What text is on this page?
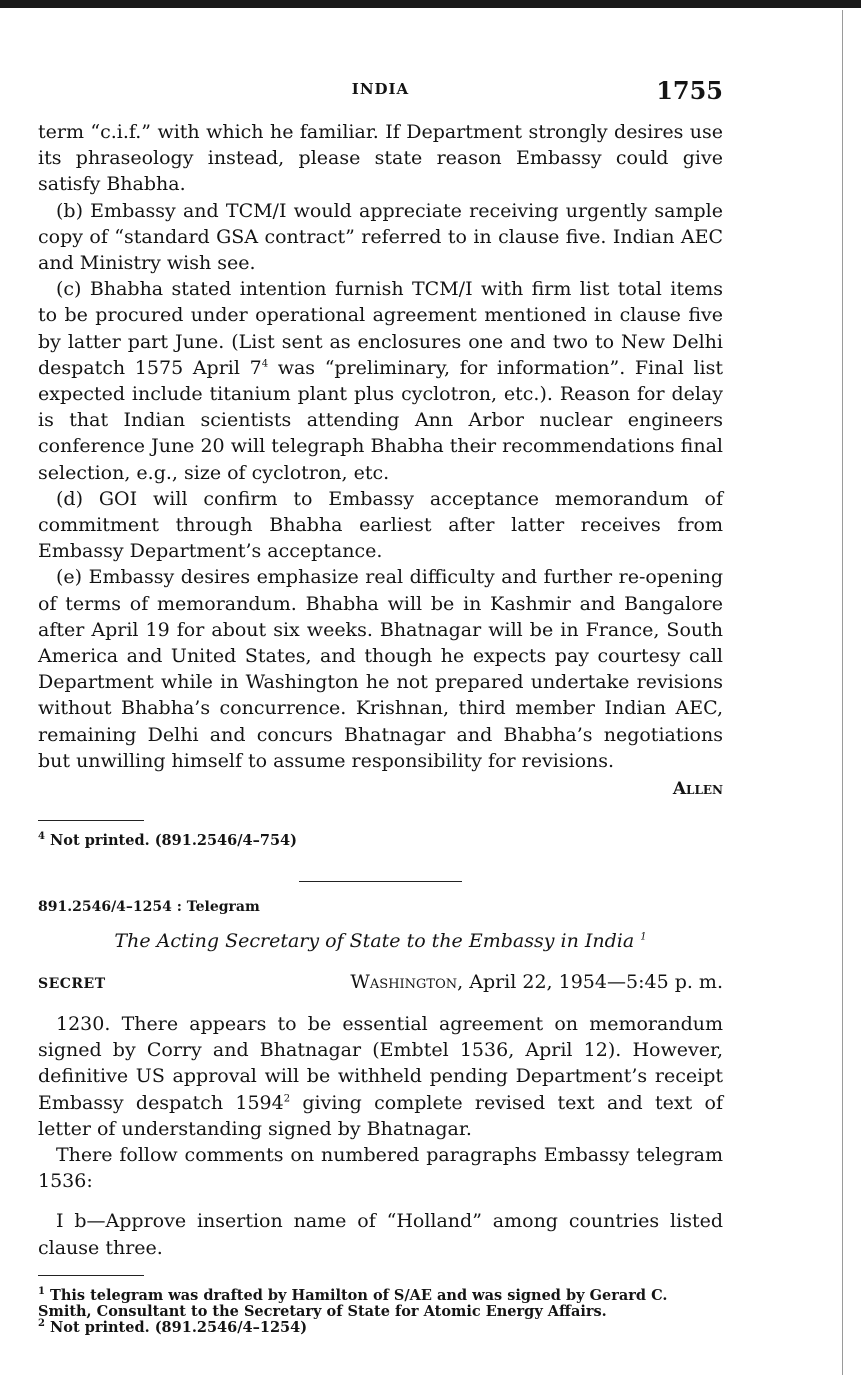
INDIA	1755

term “c.i.f.” with which he familiar. If Department strongly desires use its phraseology instead, please state reason Embassy could give satisfy Bhabha.

(b) Embassy and TCM/I would appreciate receiving urgently sample copy of “standard GSA contract” referred to in clause five. Indian AEC and Ministry wish see.

(c) Bhabha stated intention furnish TCM/I with firm list total items to be procured under operational agreement mentioned in clause five by latter part June. (List sent as enclosures one and two to New Delhi despatch 1575 April $7^4$ was “preliminary, for information”. Final list expected include titanium plant plus cyclotron, etc.). Reason for delay is that Indian scientists attending Ann Arbor nuclear engineers conference June 20 will telegraph Bhabha their recommendations final selection, e.g., size of cyclotron, etc.

(d) GOI will confirm to Embassy acceptance memorandum of commitment through Bhabha earliest after latter receives from Embassy Department’s acceptance.

(e) Embassy desires emphasize real difficulty and further re-opening of terms of memorandum. Bhabha will be in Kashmir and Bangalore after April 19 for about six weeks. Bhatnagar will be in France, South America and United States, and though he expects pay courtesy call Department while in Washington he not prepared undertake revisions without Bhabha’s concurrence. Krishnan, third member Indian AEC, remaining Delhi and concurs Bhatnagar and Bhabha’s negotiations but unwilling himself to assume responsibility for revisions.

Allen

$^4$ Not printed. (891.2546/4–754)

891.2546/4–1254 : Telegram

The Acting Secretary of State to the Embassy in India $^1$

SECRET	Washington, April 22, 1954—5:45 p. m.

1230. There appears to be essential agreement on memorandum signed by Corry and Bhatnagar (Embtel 1536, April 12). However, definitive US approval will be withheld pending Department’s receipt Embassy despatch 1594$^2$ giving complete revised text and text of letter of understanding signed by Bhatnagar.

There follow comments on numbered paragraphs Embassy telegram 1536:

I b—Approve insertion name of “Holland” among countries listed clause three.

$^1$ This telegram was drafted by Hamilton of S/AE and was signed by Gerard C. Smith, Consultant to the Secretary of State for Atomic Energy Affairs.

$^2$ Not printed. (891.2546/4–1254)
